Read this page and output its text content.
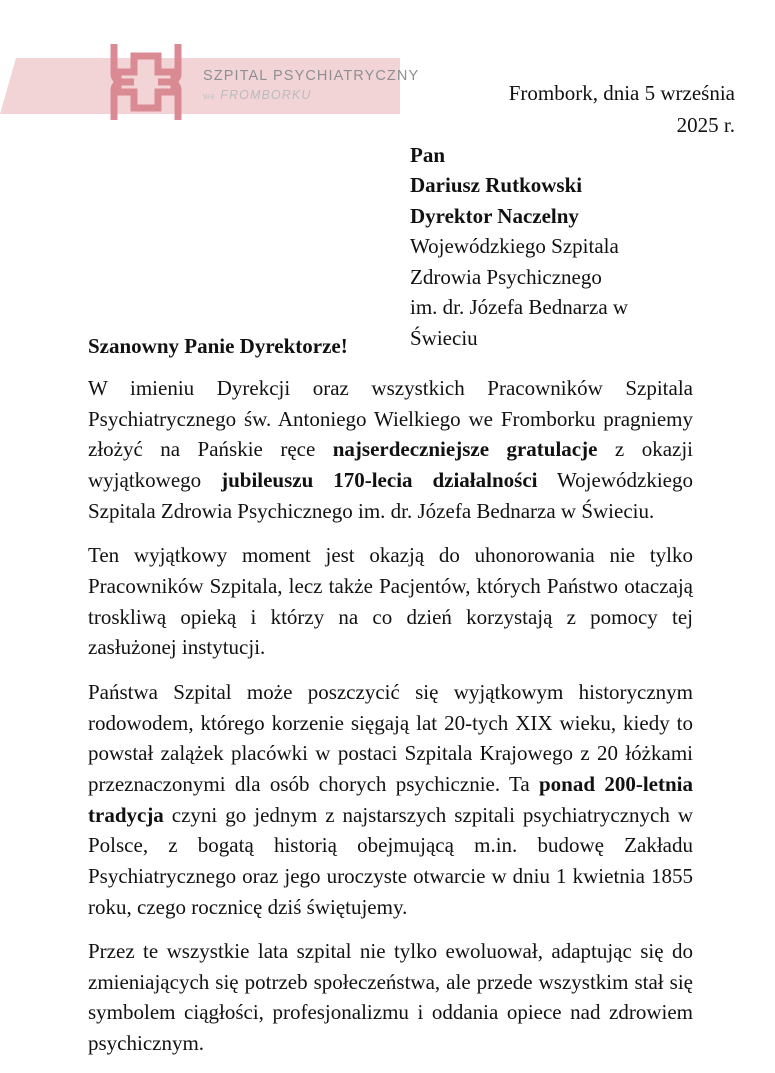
SZPITAL PSYCHIATRYCZNY
we FROMBORKU	Frombork, dnia 5 września
2025 r.
Pan
Dariusz Rutkowski
Dyrektor Naczelny
Wojewódzkiego Szpitala
Zdrowia Psychicznego
im. dr. Józefa Bednarza w
Świeciu
Szanowny Panie Dyrektorze!

W imieniu Dyrekcji oraz wszystkich Pracowników Szpitala Psychiatrycznego św. Antoniego Wielkiego we Fromborku pragniemy złożyć na Pańskie ręce najserdeczniejsze gratulacje z okazji wyjątkowego jubileuszu 170-lecia działalności Wojewódzkiego Szpitala Zdrowia Psychicznego im. dr. Józefa Bednarza w Świeciu.

Ten wyjątkowy moment jest okazją do uhonorowania nie tylko Pracowników Szpitala, lecz także Pacjentów, których Państwo otaczają troskliwą opieką i którzy na co dzień korzystają z pomocy tej zasłużonej instytucji.

Państwa Szpital może poszczycić się wyjątkowym historycznym rodowodem, którego korzenie sięgają lat 20-tych XIX wieku, kiedy to powstał zalążek placówki w postaci Szpitala Krajowego z 20 łóżkami przeznaczonymi dla osób chorych psychicznie. Ta ponad 200-letnia tradycja czyni go jednym z najstarszych szpitali psychiatrycznych w Polsce, z bogatą historią obejmującą m.in. budowę Zakładu Psychiatrycznego oraz jego uroczyste otwarcie w dniu 1 kwietnia 1855 roku, czego rocznicę dziś świętujemy.

Przez te wszystkie lata szpital nie tylko ewoluował, adaptując się do zmieniających się potrzeb społeczeństwa, ale przede wszystkim stał się symbolem ciągłości, profesjonalizmu i oddania opiece nad zdrowiem psychicznym.
